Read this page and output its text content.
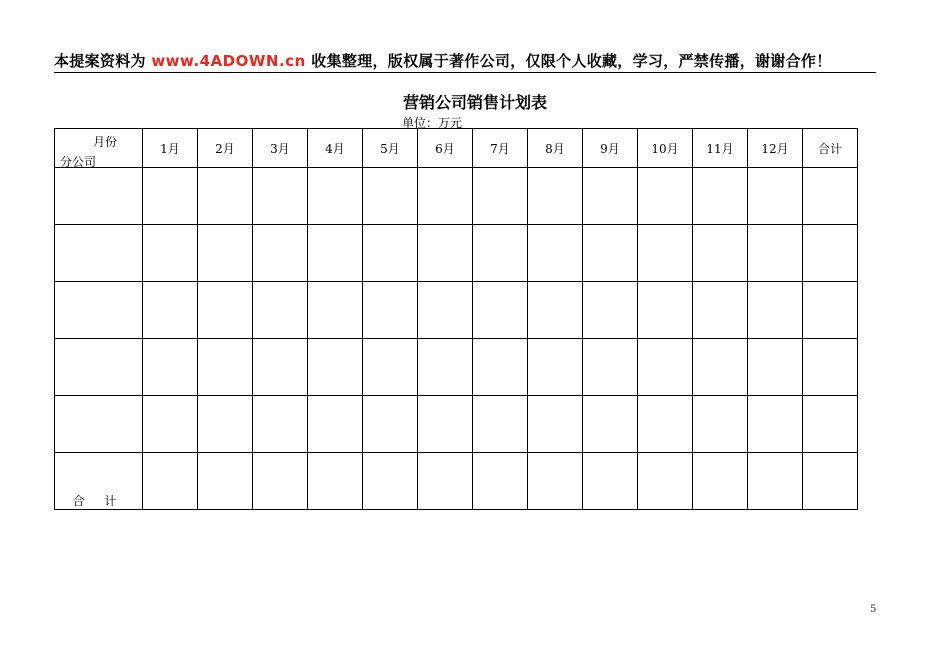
本提案资料为 www.4ADOWN.cn 收集整理，版权属于著作公司，仅限个人收藏，学习，严禁传播，谢谢合作！
营销公司销售计划表
单位：万元
月份
分公司	1月	2月	3月	4月	5月	6月	7月	8月	9月	10月	11月	12月	合计

合 计													
5
